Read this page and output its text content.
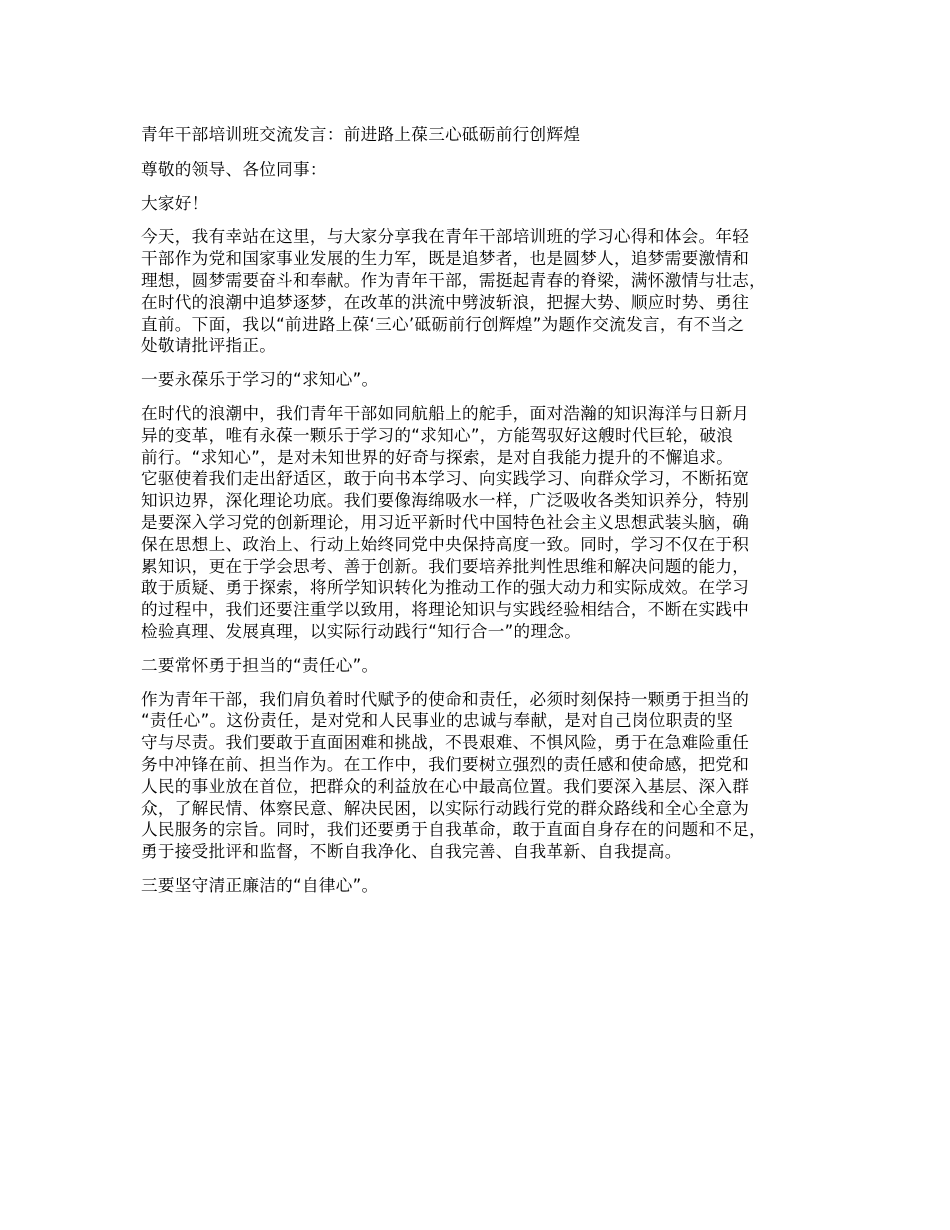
青年干部培训班交流发言：前进路上葆三心砥砺前行创辉煌

尊敬的领导、各位同事：

大家好！

今天，我有幸站在这里，与大家分享我在青年干部培训班的学习心得和体会。年轻
干部作为党和国家事业发展的生力军，既是追梦者，也是圆梦人，追梦需要激情和
理想，圆梦需要奋斗和奉献。作为青年干部，需挺起青春的脊梁，满怀激情与壮志，
在时代的浪潮中追梦逐梦，在改革的洪流中劈波斩浪，把握大势、顺应时势、勇往
直前。下面，我以“前进路上葆‘三心’砥砺前行创辉煌”为题作交流发言，有不当之
处敬请批评指正。

一要永葆乐于学习的“求知心”。

在时代的浪潮中，我们青年干部如同航船上的舵手，面对浩瀚的知识海洋与日新月
异的变革，唯有永葆一颗乐于学习的“求知心”，方能驾驭好这艘时代巨轮，破浪
前行。“求知心”，是对未知世界的好奇与探索，是对自我能力提升的不懈追求。
它驱使着我们走出舒适区，敢于向书本学习、向实践学习、向群众学习，不断拓宽
知识边界，深化理论功底。我们要像海绵吸水一样，广泛吸收各类知识养分，特别
是要深入学习党的创新理论，用习近平新时代中国特色社会主义思想武装头脑，确
保在思想上、政治上、行动上始终同党中央保持高度一致。同时，学习不仅在于积
累知识，更在于学会思考、善于创新。我们要培养批判性思维和解决问题的能力，
敢于质疑、勇于探索，将所学知识转化为推动工作的强大动力和实际成效。在学习
的过程中，我们还要注重学以致用，将理论知识与实践经验相结合，不断在实践中
检验真理、发展真理，以实际行动践行“知行合一”的理念。

二要常怀勇于担当的“责任心”。

作为青年干部，我们肩负着时代赋予的使命和责任，必须时刻保持一颗勇于担当的
“责任心”。这份责任，是对党和人民事业的忠诚与奉献，是对自己岗位职责的坚
守与尽责。我们要敢于直面困难和挑战，不畏艰难、不惧风险，勇于在急难险重任
务中冲锋在前、担当作为。在工作中，我们要树立强烈的责任感和使命感，把党和
人民的事业放在首位，把群众的利益放在心中最高位置。我们要深入基层、深入群
众，了解民情、体察民意、解决民困，以实际行动践行党的群众路线和全心全意为
人民服务的宗旨。同时，我们还要勇于自我革命，敢于直面自身存在的问题和不足，
勇于接受批评和监督，不断自我净化、自我完善、自我革新、自我提高。

三要坚守清正廉洁的“自律心”。
